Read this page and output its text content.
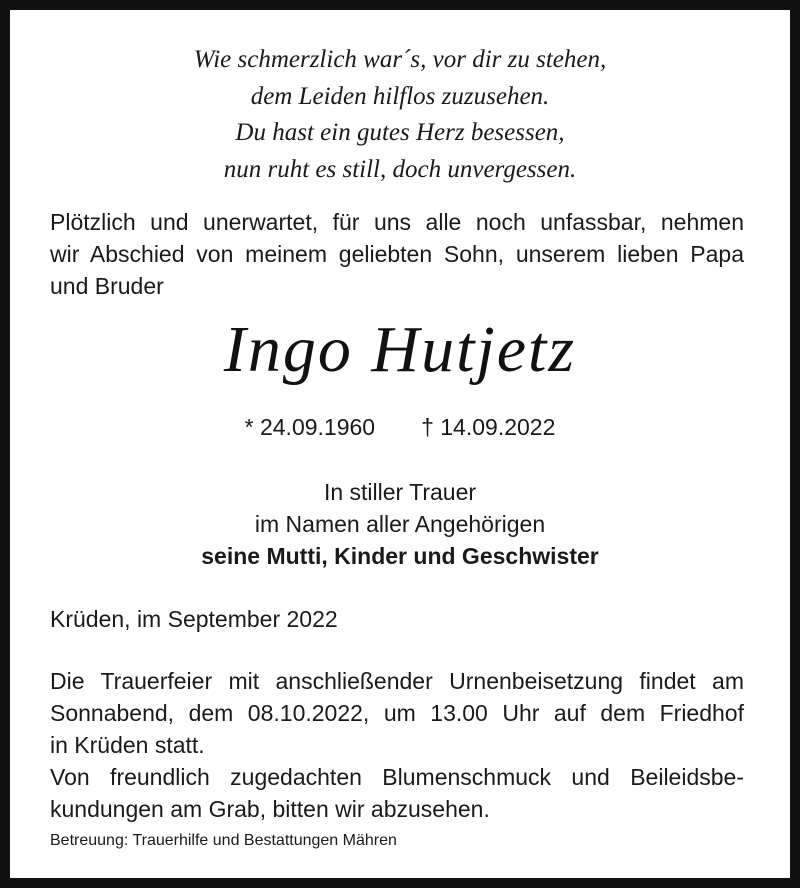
Wie schmerzlich war´s, vor dir zu stehen,
dem Leiden hilflos zuzusehen.
Du hast ein gutes Herz besessen,
nun ruht es still, doch unvergessen.
Plötzlich und unerwartet, für uns alle noch unfassbar, nehmen
wir Abschied von meinem geliebten Sohn, unserem lieben Papa
und Bruder
Ingo Hutjetz
* 24.09.1960 † 14.09.2022
In stiller Trauer
im Namen aller Angehörigen
seine Mutti, Kinder und Geschwister
Krüden, im September 2022
Die Trauerfeier mit anschließender Urnenbeisetzung findet am
Sonnabend, dem 08.10.2022, um 13.00 Uhr auf dem Friedhof
in Krüden statt.
Von freundlich zugedachten Blumenschmuck und Beileidsbe-
kundungen am Grab, bitten wir abzusehen.
Betreuung: Trauerhilfe und Bestattungen Mähren
